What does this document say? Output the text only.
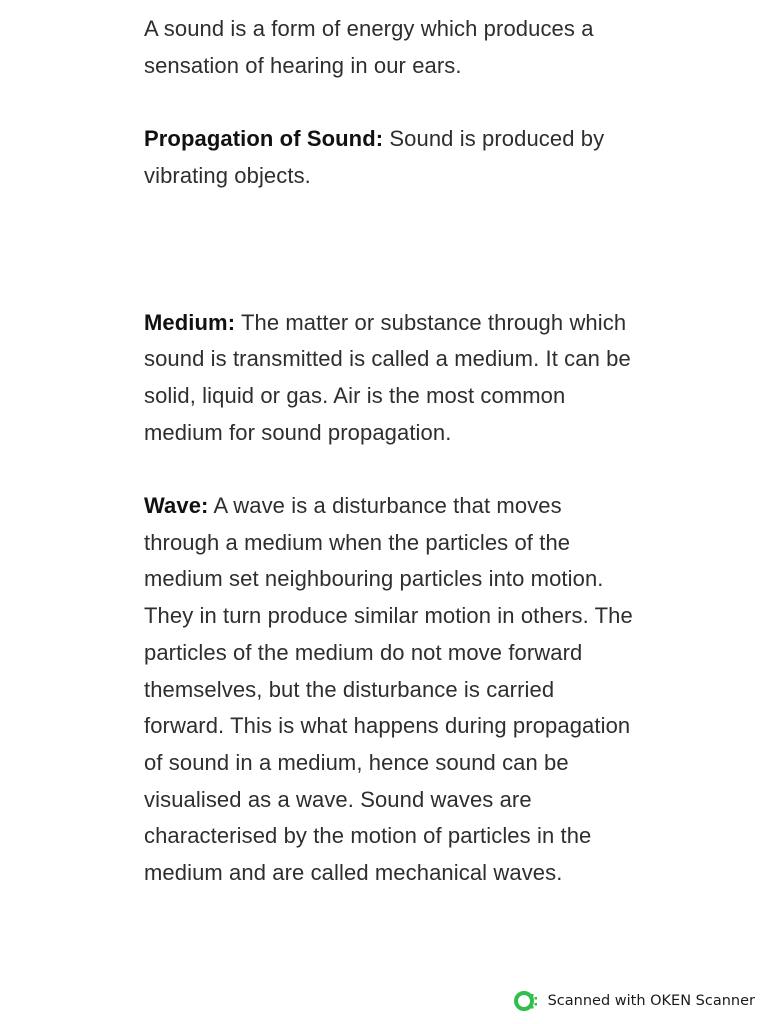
A sound is a form of energy which produces a sensation of hearing in our ears.

Propagation of Sound: Sound is produced by vibrating objects.

Medium: The matter or substance through which sound is transmitted is called a medium. It can be solid, liquid or gas. Air is the most common medium for sound propagation.

Wave: A wave is a disturbance that moves through a medium when the particles of the medium set neighbouring particles into motion. They in turn produce similar motion in others. The particles of the medium do not move forward themselves, but the disturbance is carried forward. This is what happens during propagation of sound in a medium, hence sound can be visualised as a wave. Sound waves are characterised by the motion of particles in the medium and are called mechanical waves.

Scanned with OKEN Scanner
